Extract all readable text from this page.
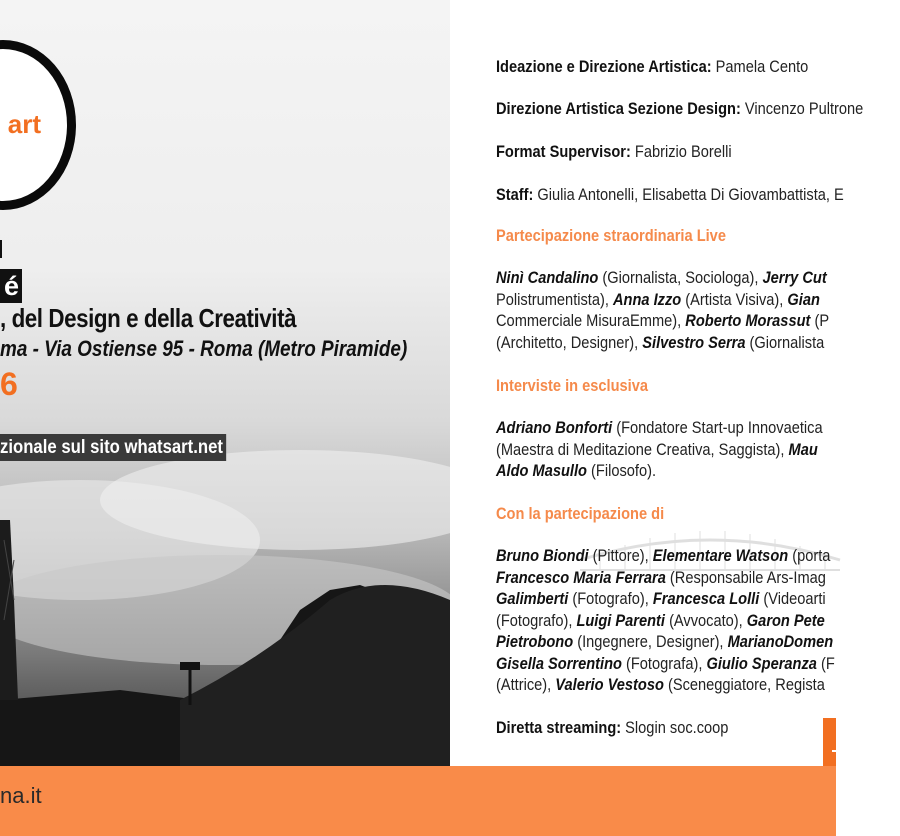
art
é
, del Design e della Creatività
ma - Via Ostiense 95 - Roma (Metro Piramide)
6
zionale sul sito whatsart.net
Ideazione e Direzione Artistica: Pamela Cento
Direzione Artistica Sezione Design: Vincenzo Pultrone
Format Supervisor: Fabrizio Borelli
Staff: Giulia Antonelli, Elisabetta Di Giovambattista, E
Partecipazione straordinaria Live
Ninì Candalino (Giornalista, Sociologa), Jerry Cut
Polistrumentista), Anna Izzo (Artista Visiva), Gian
Commerciale MisuraEmme), Roberto Morassut (P
(Architetto, Designer), Silvestro Serra (Giornalista
Interviste in esclusiva
Adriano Bonforti (Fondatore Start-up Innovaetica
(Maestra di Meditazione Creativa, Saggista), Mau
Aldo Masullo (Filosofo).
Con la partecipazione di
Bruno Biondi (Pittore), Elementare Watson (porta
Francesco Maria Ferrara (Responsabile Ars-Imag
Galimberti (Fotografo), Francesca Lolli (Videoarti
(Fotografo), Luigi Parenti (Avvocato), Garon Pete
Pietrobono (Ingegnere, Designer), MarianoDomen
Gisella Sorrentino (Fotografa), Giulio Speranza (F
(Attrice), Valerio Vestoso (Sceneggiatore, Regista
Diretta streaming: Slogin soc.coop
na.it
